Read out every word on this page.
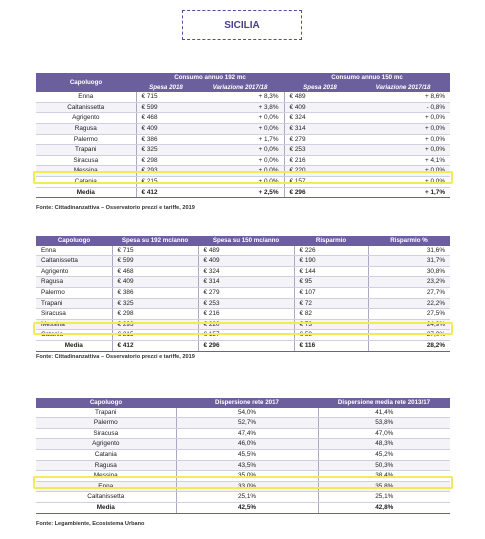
SICILIA
Capoluogo	Consumo annuo 192 mc		Consumo annuo 150 mc	
	Spesa 2018	Variazione 2017/18	Spesa 2018	Variazione 2017/18
Enna	€ 715	+ 8,3%	€ 489	+ 8,6%
Caltanissetta	€ 599	+ 3,8%	€ 409	- 0,8%
Agrigento	€ 468	+ 0,0%	€ 324	+ 0,0%
Ragusa	€ 409	+ 0,0%	€ 314	+ 0,0%
Palermo	€ 386	+ 1,7%	€ 279	+ 0,0%
Trapani	€ 325	+ 0,0%	€ 253	+ 0,0%
Siracusa	€ 298	+ 0,0%	€ 216	+ 4,1%
Messina	€ 293	+ 0,0%	€ 220	+ 0,0%
Catania	€ 215	+ 0,0%	€ 157	+ 0,0%
Media	€ 412	+ 2,5%	€ 296	+ 1,7%
Fonte: Cittadinanzattiva – Osservatorio prezzi e tariffe, 2019
Capoluogo	Spesa su 192 mc/anno	Spesa su 150 mc/anno	Risparmio	Risparmio %
Enna	€ 715	€ 489	€ 226	31,6%
Caltanissetta	€ 599	€ 409	€ 190	31,7%
Agrigento	€ 468	€ 324	€ 144	30,8%
Ragusa	€ 409	€ 314	€ 95	23,2%
Palermo	€ 386	€ 279	€ 107	27,7%
Trapani	€ 325	€ 253	€ 72	22,2%
Siracusa	€ 298	€ 216	€ 82	27,5%
Messina	€ 293	€ 220	€ 73	24,9%
Catania	€ 215	€ 157	€ 58	27,0%
Media	€ 412	€ 296	€ 116	28,2%
Fonte: Cittadinanzattiva – Osservatorio prezzi e tariffe, 2019
Capoluogo	Dispersione rete 2017	Dispersione media rete 2013/17
Trapani	54,0%	41,4%
Palermo	52,7%	53,8%
Siracusa	47,4%	47,0%
Agrigento	46,0%	48,3%
Catania	45,5%	45,2%
Ragusa	43,5%	50,3%
Messina	35,0%	38,4%
Enna	33,0%	35,8%
Caltanissetta	25,1%	25,1%
Media	42,5%	42,8%
Fonte: Legambiente, Ecosistema Urbano
